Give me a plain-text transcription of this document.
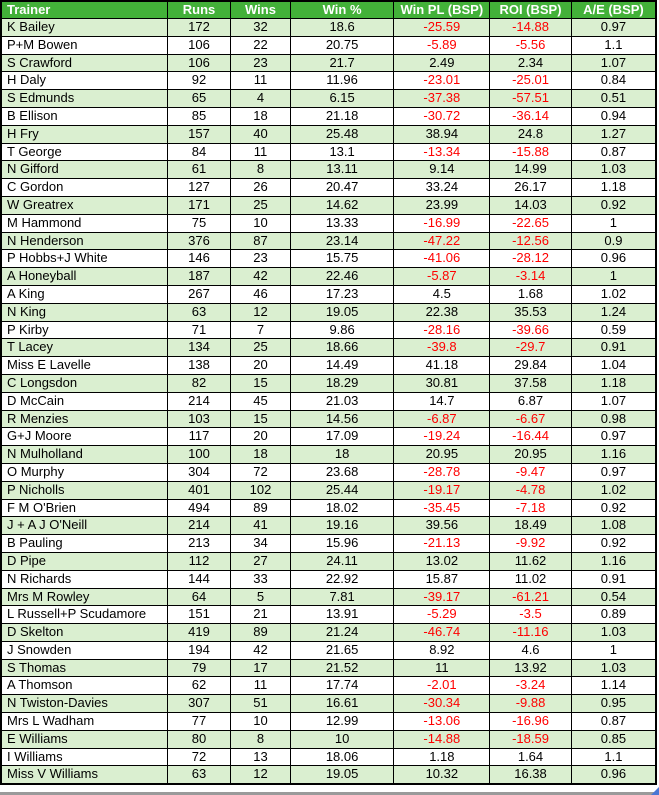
Trainer	Runs	Wins	Win %	Win PL (BSP)	ROI (BSP)	A/E (BSP)
K Bailey	172	32	18.6	-25.59	-14.88	0.97
P+M Bowen	106	22	20.75	-5.89	-5.56	1.1
S Crawford	106	23	21.7	2.49	2.34	1.07
H Daly	92	11	11.96	-23.01	-25.01	0.84
S Edmunds	65	4	6.15	-37.38	-57.51	0.51
B Ellison	85	18	21.18	-30.72	-36.14	0.94
H Fry	157	40	25.48	38.94	24.8	1.27
T George	84	11	13.1	-13.34	-15.88	0.87
N Gifford	61	8	13.11	9.14	14.99	1.03
C Gordon	127	26	20.47	33.24	26.17	1.18
W Greatrex	171	25	14.62	23.99	14.03	0.92
M Hammond	75	10	13.33	-16.99	-22.65	1
N Henderson	376	87	23.14	-47.22	-12.56	0.9
P Hobbs+J White	146	23	15.75	-41.06	-28.12	0.96
A Honeyball	187	42	22.46	-5.87	-3.14	1
A King	267	46	17.23	4.5	1.68	1.02
N King	63	12	19.05	22.38	35.53	1.24
P Kirby	71	7	9.86	-28.16	-39.66	0.59
T Lacey	134	25	18.66	-39.8	-29.7	0.91
Miss E Lavelle	138	20	14.49	41.18	29.84	1.04
C Longsdon	82	15	18.29	30.81	37.58	1.18
D McCain	214	45	21.03	14.7	6.87	1.07
R Menzies	103	15	14.56	-6.87	-6.67	0.98
G+J Moore	117	20	17.09	-19.24	-16.44	0.97
N Mulholland	100	18	18	20.95	20.95	1.16
O Murphy	304	72	23.68	-28.78	-9.47	0.97
P Nicholls	401	102	25.44	-19.17	-4.78	1.02
F M O'Brien	494	89	18.02	-35.45	-7.18	0.92
J + A J O'Neill	214	41	19.16	39.56	18.49	1.08
B Pauling	213	34	15.96	-21.13	-9.92	0.92
D Pipe	112	27	24.11	13.02	11.62	1.16
N Richards	144	33	22.92	15.87	11.02	0.91
Mrs M Rowley	64	5	7.81	-39.17	-61.21	0.54
L Russell+P Scudamore	151	21	13.91	-5.29	-3.5	0.89
D Skelton	419	89	21.24	-46.74	-11.16	1.03
J Snowden	194	42	21.65	8.92	4.6	1
S Thomas	79	17	21.52	11	13.92	1.03
A Thomson	62	11	17.74	-2.01	-3.24	1.14
N Twiston-Davies	307	51	16.61	-30.34	-9.88	0.95
Mrs L Wadham	77	10	12.99	-13.06	-16.96	0.87
E Williams	80	8	10	-14.88	-18.59	0.85
I Williams	72	13	18.06	1.18	1.64	1.1
Miss V Williams	63	12	19.05	10.32	16.38	0.96
